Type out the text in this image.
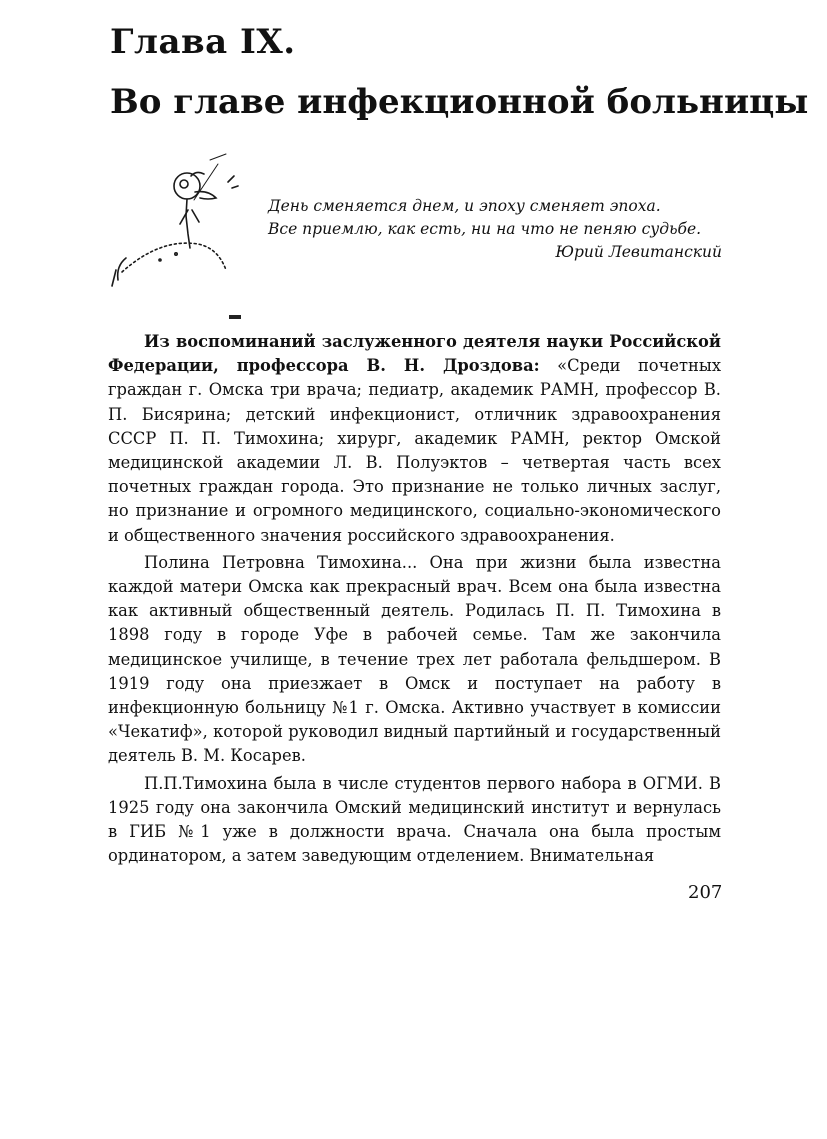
Глава IX.
Во главе инфекционной больницы
День сменяется днем, и эпоху сменяет эпоха.
Все приемлю, как есть, ни на что не пеняю судьбе.
Юрий Левитанский

Из воспоминаний заслуженного деятеля науки Российской Федерации, профессора В. Н. Дроздова: «Среди почетных граждан г. Омска три врача; педиатр, академик РАМН, профессор В. П. Бисярина; детский инфекционист, отличник здравоохранения СССР П. П. Тимохина; хирург, академик РАМН, ректор Омской медицинской академии Л. В. Полуэктов – четвертая часть всех почетных граждан города. Это признание не только личных заслуг, но признание и огромного медицинского, социально-экономического и общественного значения российского здравоохранения.

Полина Петровна Тимохина... Она при жизни была известна каждой матери Омска как прекрасный врач. Всем она была известна как активный общественный деятель. Родилась П. П. Тимохина в 1898 году в городе Уфе в рабочей семье. Там же закончила медицинское училище, в течение трех лет работала фельдшером. В 1919 году она приезжает в Омск и поступает на работу в инфекционную больницу №1 г. Омска. Активно участвует в комиссии «Чекатиф», которой руководил видный партийный и государственный деятель В. М. Косарев.

П.П.Тимохина была в числе студентов первого набора в ОГМИ. В 1925 году она закончила Омский медицинский институт и вернулась в ГИБ №1 уже в должности врача. Сначала она была простым ординатором, а затем заведующим отделением. Внимательная

207
